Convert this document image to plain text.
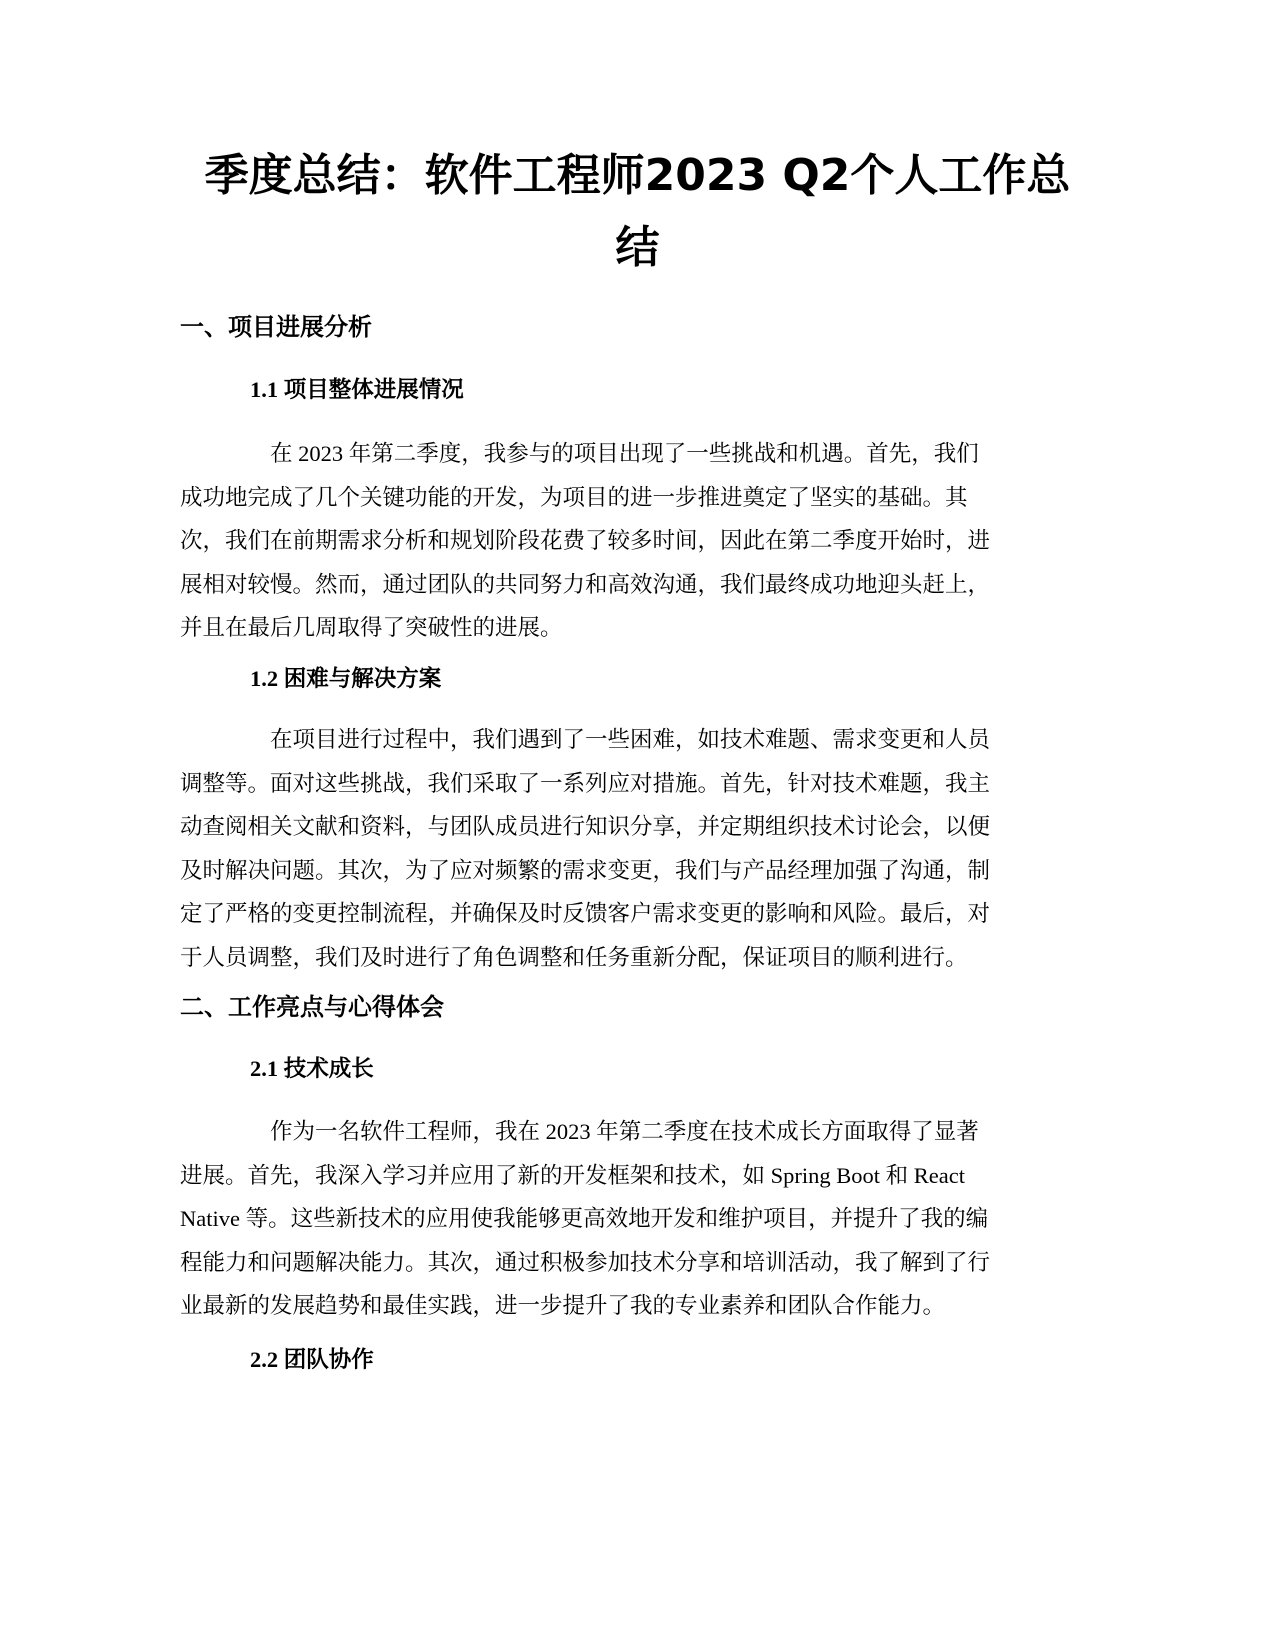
季度总结：软件工程师2023 Q2个人工作总
结
一、项目进展分析
1.1 项目整体进展情况

在 2023 年第二季度，我参与的项目出现了一些挑战和机遇。首先，我们
成功地完成了几个关键功能的开发，为项目的进一步推进奠定了坚实的基础。其
次，我们在前期需求分析和规划阶段花费了较多时间，因此在第二季度开始时，进
展相对较慢。然而，通过团队的共同努力和高效沟通，我们最终成功地迎头赶上，
并且在最后几周取得了突破性的进展。

1.2 困难与解决方案

在项目进行过程中，我们遇到了一些困难，如技术难题、需求变更和人员
调整等。面对这些挑战，我们采取了一系列应对措施。首先，针对技术难题，我主
动查阅相关文献和资料，与团队成员进行知识分享，并定期组织技术讨论会，以便
及时解决问题。其次，为了应对频繁的需求变更，我们与产品经理加强了沟通，制
定了严格的变更控制流程，并确保及时反馈客户需求变更的影响和风险。最后，对
于人员调整，我们及时进行了角色调整和任务重新分配，保证项目的顺利进行。

二、工作亮点与心得体会
2.1 技术成长

作为一名软件工程师，我在 2023 年第二季度在技术成长方面取得了显著
进展。首先，我深入学习并应用了新的开发框架和技术，如 Spring Boot 和 React
Native 等。这些新技术的应用使我能够更高效地开发和维护项目，并提升了我的编
程能力和问题解决能力。其次，通过积极参加技术分享和培训活动，我了解到了行
业最新的发展趋势和最佳实践，进一步提升了我的专业素养和团队合作能力。

2.2 团队协作
